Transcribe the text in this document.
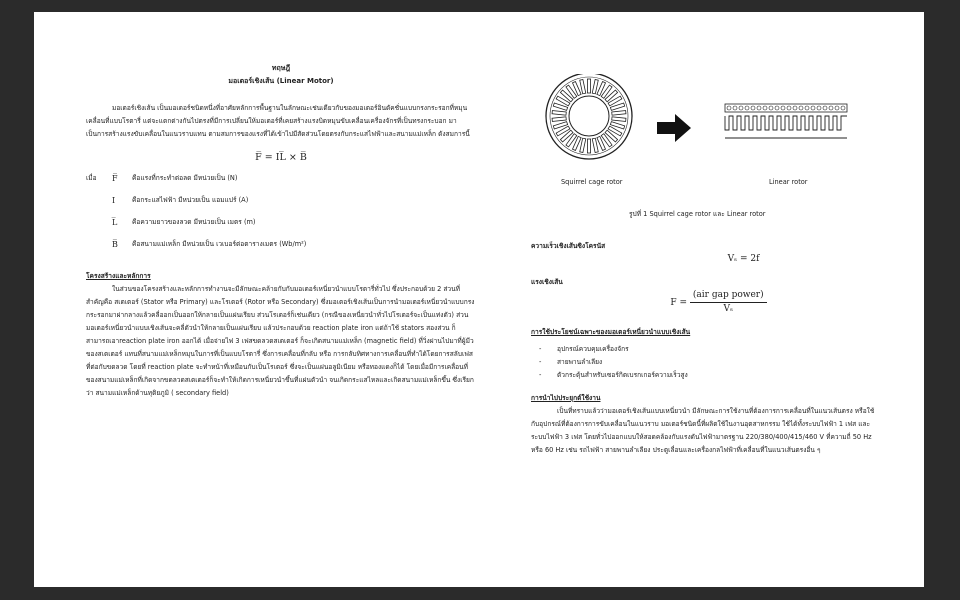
ทฤษฎี
มอเตอร์เชิงเส้น (Linear Motor)

มอเตอร์เชิงเส้น เป็นมอเตอร์ชนิดหนึ่งที่อาศัยหลักการพื้นฐานในลักษณะเช่นเดียวกับของมอเตอร์อินดัคชั่นแบบกรงกระรอกที่หมุนเคลื่อนที่แบบโรตารี่ แต่จะแตกต่างกันไปตรงที่มีการเปลี่ยนให้มอเตอร์ที่เคยสร้างแรงบิดหมุนขับเคลื่อนเครื่องจักรที่เป็นทรงกระบอก มาเป็นการสร้างแรงขับเคลื่อนในแนวราบแทน ตามสมการของแรงที่ได้เข้าไปมีสัดส่วนโดยตรงกับกระแสไฟฟ้าและสนามแม่เหล็ก ดังสมการนี้

F̅ = IL̅ × B̅
เมื่อ	F̅	คือแรงที่กระทำต่อลด มีหน่วยเป็น (N)
I	คือกระแสไฟฟ้า มีหน่วยเป็น แอมแปร์ (A)
L̅	คือความยาวของลวด มีหน่วยเป็น เมตร (m)
B̅	คือสนามแม่เหล็ก มีหน่วยเป็น เวเบอร์ต่อตารางเมตร (Wb/m²)
โครงสร้างและหลักการ

ในส่วนของโครงสร้างและหลักการทำงานจะมีลักษณะคล้ายกับกับมอเตอร์เหนี่ยวนำแบบโรตารี่ทั่วไป ซึ่งประกอบด้วย 2 ส่วนที่สำคัญคือ สเตเตอร์ (Stator หรือ Primary) และโรเตอร์ (Rotor หรือ Secondary) ซึ่งมอเตอร์เชิงเส้นเป็นการนำมอเตอร์เหนี่ยวนำแบบกรงกระรอกมาผ่ากลางแล้วคลี่ออกเป็นออกให้กลายเป็นแผ่นเรียบ ส่วนโรเตอร์ก็เช่นเดียว (กรณีของเหนี่ยวนำทั่วไปโรเตอร์จะเป็นแท่งตัว) ส่วนมอเตอร์เหนี่ยวนำแบบเชิงเส้นจะคลี่ตัวนำให้กลายเป็นแผ่นเรียบ แล้วประกอบด้วย reaction plate iron แต่ถ้าใช้ stators สองส่วน ก็สามารถเอาreaction plate iron ออกได้ เมื่อจ่ายไฟ 3 เฟสขดลวดสเตเตอร์ ก็จะเกิดสนามแม่เหล็ก (magnetic field) ที่วิ่งผ่านไปมาที่ผู้มีวของสเตเตอร์ แทนที่สนามแม่เหล็กหมุนในการที่เป็นแบบโรตารี่ ซึ่งการเคลื่อนที่กลับ หรือ การกลับทิศทางการเคลื่อนที่ทำได้โดยการสลับเฟสที่ต่อกับขดลวด โดยที่ reaction plate จะทำหน้าที่เหมือนกับเป็นโรเตอร์ ซึ่งจะเป็นแผ่นอลูมิเนียม หรือทองแดงก็ได้ โดยเมื่อมีการเคลื่อนที่ของสนามแม่เหล็กที่เกิดจากขดลวดสเตเตอร์ก็จะทำให้เกิดการเหนี่ยวนำขึ้นที่แผ่นตัวนำ จนเกิดกระแสไหลและเกิดสนามแม่เหล็กขึ้น ซึ่งเรียกว่า สนามแม่เหล็กด้านทุติยภูมิ ( secondary field)

Squirrel cage rotor	Linear rotor
รูปที่ 1 Squirrel cage rotor และ Linear rotor
ความเร็วเชิงเส้นซิงโครนัส
Vₛ = 2f
แรงเชิงเส้น
$F = \frac{\text{(air gap power)}}{\text{Vₛ}}$
การใช้ประโยชน์เฉพาะของมอเตอร์เหนี่ยวนำแบบเชิงเส้น
-	อุปกรณ์ควบคุมเครื่องจักร
-	สายพานลำเลียง
-	ตัวกระตุ้นสำหรับเซอร์กิตเบรกเกอร์ความเร็วสูง
การนำไปประยุกต์ใช้งาน

เป็นที่ทราบแล้วว่ามอเตอร์เชิงเส้นแบบเหนี่ยวนำ มีลักษณะการใช้งานที่ต้องการการเคลื่อนที่ในแนวเส้นตรง หรือใช้กับอุปกรณ์ที่ต้องการการขับเคลื่อนในแนวราบ มอเตอร์ชนิดนี้ที่ผลิตใช้ในงานอุตสาหกรรม ใช้ได้ทั้งระบบไฟฟ้า 1 เฟส และระบบไฟฟ้า 3 เฟส โดยทั่วไปออกแบบให้สอดคล้องกับแรงดันไฟฟ้ามาตรฐาน 220/380/400/415/460 V ที่ความถี่ 50 Hz หรือ 60 Hz เช่น รถไฟฟ้า สายพานลำเลียง ประตูเลื่อนและเครื่องกลไฟฟ้าที่เคลื่อนที่ในแนวเส้นตรงอื่น ๆ
